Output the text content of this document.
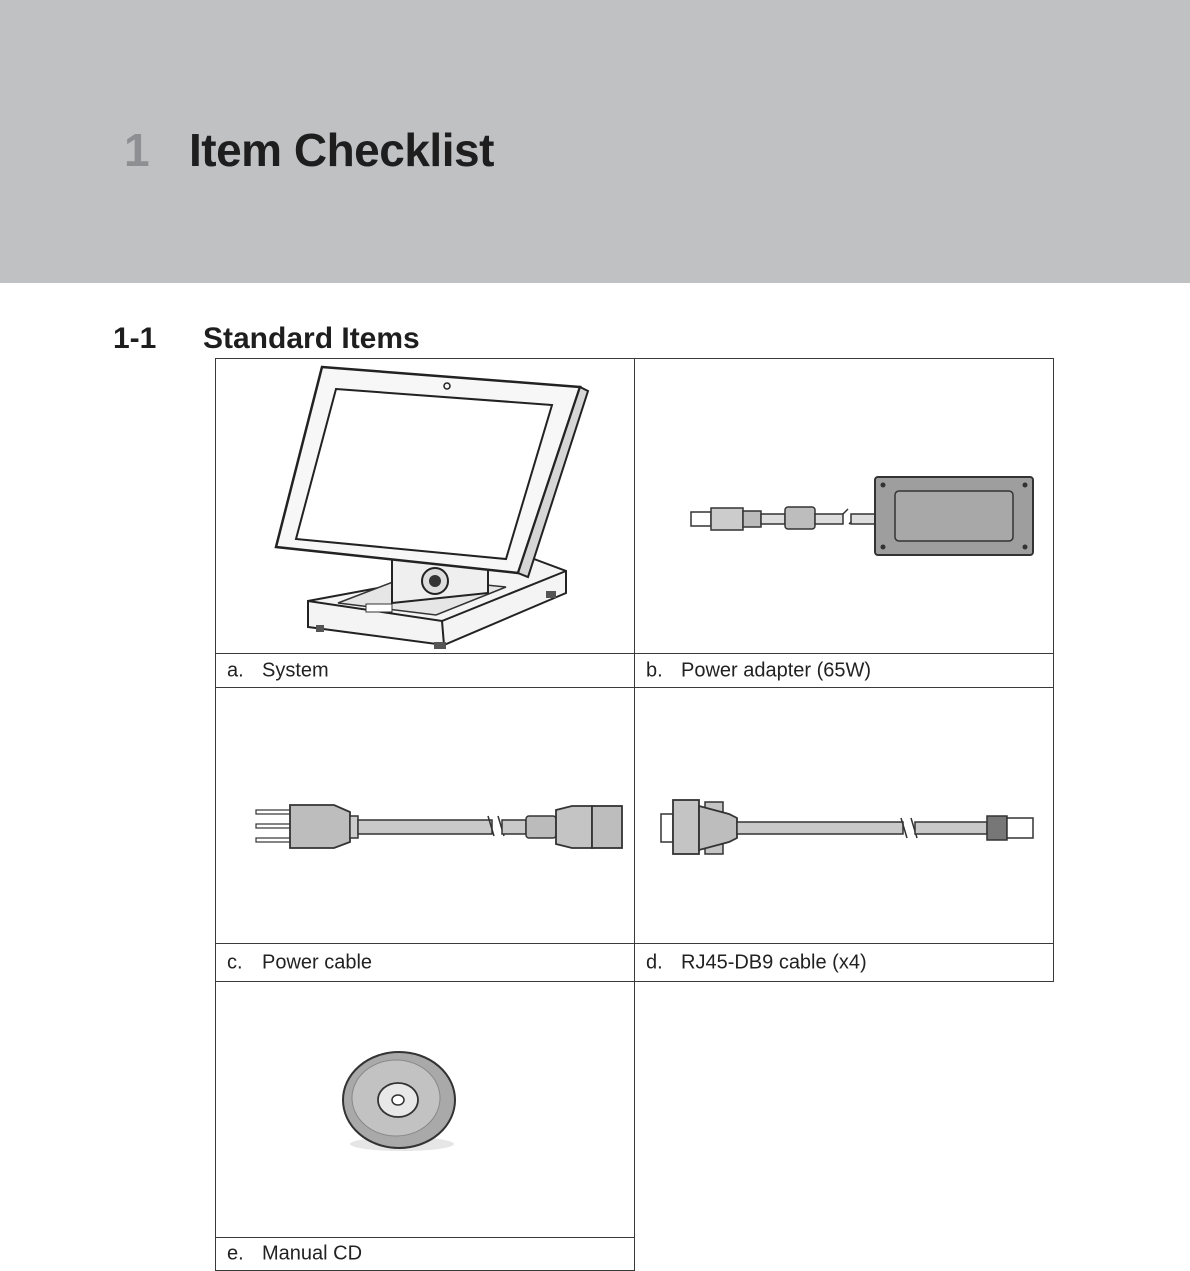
1 Item Checklist
1-1 Standard Items
a. System	b. Power adapter (65W)
c. Power cable	d. RJ45-DB9 cable (x4)
e. Manual CD
